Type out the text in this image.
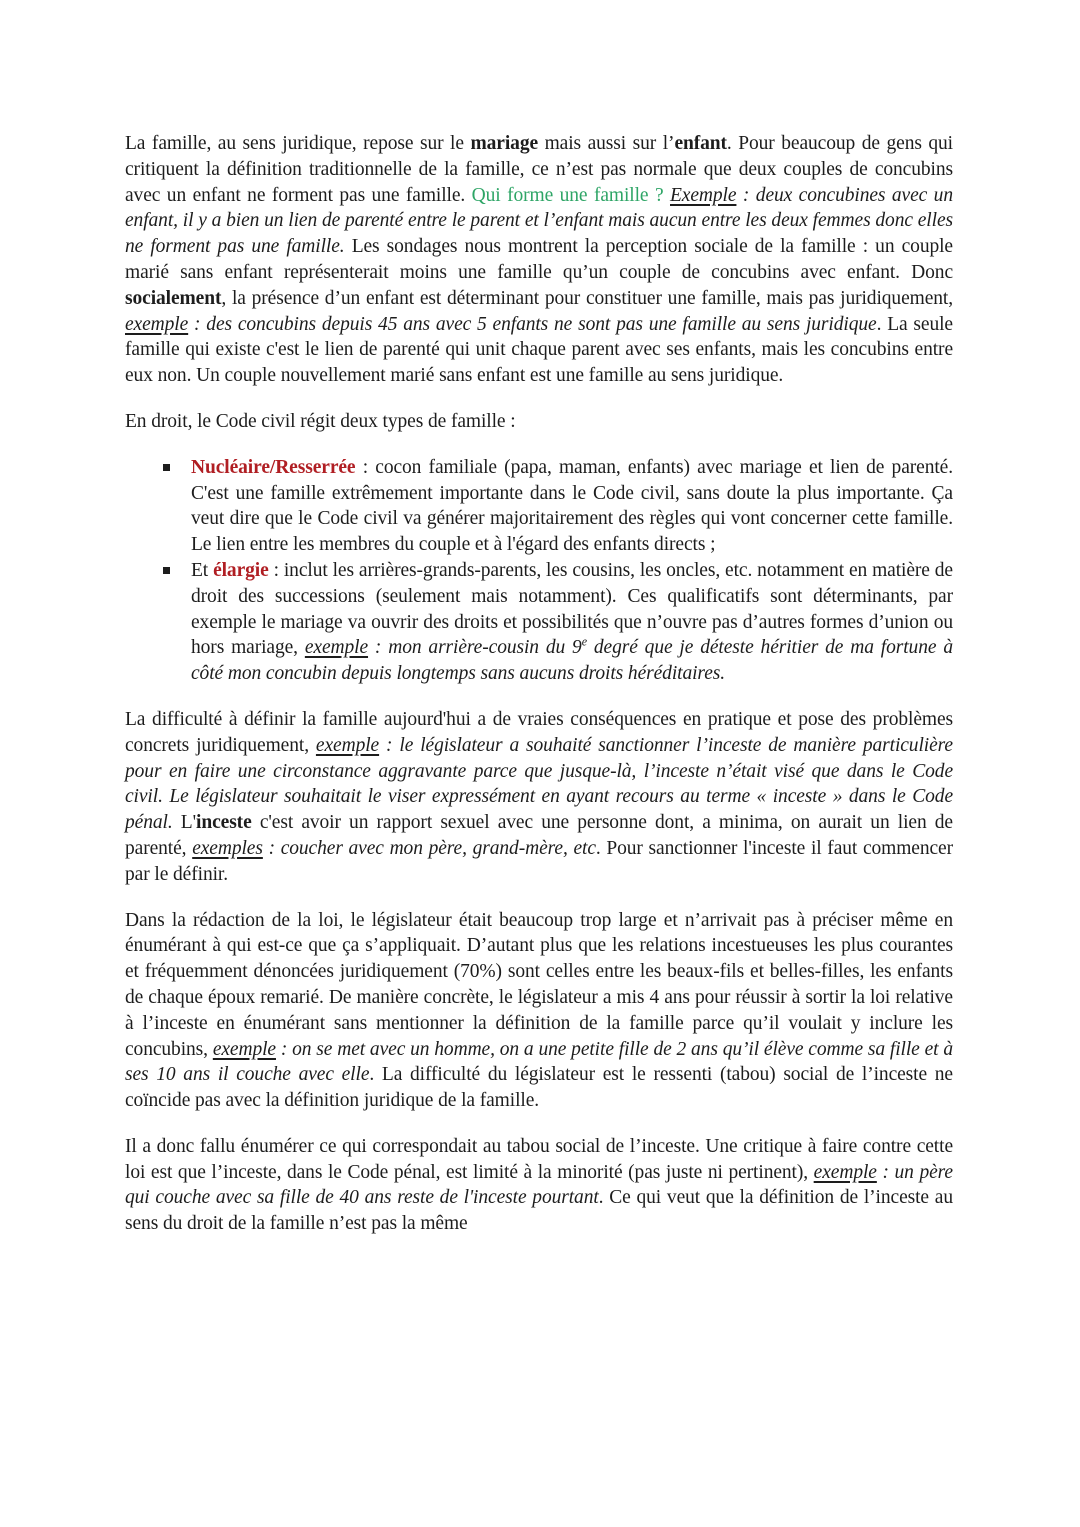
La famille, au sens juridique, repose sur le mariage mais aussi sur l’enfant. Pour beaucoup de gens qui critiquent la définition traditionnelle de la famille, ce n’est pas normale que deux couples de concubins avec un enfant ne forment pas une famille. Qui forme une famille ? Exemple : deux concubines avec un enfant, il y a bien un lien de parenté entre le parent et l’enfant mais aucun entre les deux femmes donc elles ne forment pas une famille. Les sondages nous montrent la perception sociale de la famille : un couple marié sans enfant représenterait moins une famille qu’un couple de concubins avec enfant. Donc socialement, la présence d’un enfant est déterminant pour constituer une famille, mais pas juridiquement, exemple : des concubins depuis 45 ans avec 5 enfants ne sont pas une famille au sens juridique. La seule famille qui existe c'est le lien de parenté qui unit chaque parent avec ses enfants, mais les concubins entre eux non. Un couple nouvellement marié sans enfant est une famille au sens juridique.

En droit, le Code civil régit deux types de famille :

Nucléaire/Resserrée : cocon familiale (papa, maman, enfants) avec mariage et lien de parenté. C'est une famille extrêmement importante dans le Code civil, sans doute la plus importante. Ça veut dire que le Code civil va générer majoritairement des règles qui vont concerner cette famille. Le lien entre les membres du couple et à l'égard des enfants directs ;
Et élargie : inclut les arrières-grands-parents, les cousins, les oncles, etc. notamment en matière de droit des successions (seulement mais notamment). Ces qualificatifs sont déterminants, par exemple le mariage va ouvrir des droits et possibilités que n’ouvre pas d’autres formes d’union ou hors mariage, exemple : mon arrière-cousin du 9e degré que je déteste héritier de ma fortune à côté mon concubin depuis longtemps sans aucuns droits héréditaires.

La difficulté à définir la famille aujourd'hui a de vraies conséquences en pratique et pose des problèmes concrets juridiquement, exemple : le législateur a souhaité sanctionner l’inceste de manière particulière pour en faire une circonstance aggravante parce que jusque-là, l’inceste n’était visé que dans le Code civil. Le législateur souhaitait le viser expressément en ayant recours au terme « inceste » dans le Code pénal. L'inceste c'est avoir un rapport sexuel avec une personne dont, a minima, on aurait un lien de parenté, exemples : coucher avec mon père, grand-mère, etc. Pour sanctionner l'inceste il faut commencer par le définir.

Dans la rédaction de la loi, le législateur était beaucoup trop large et n’arrivait pas à préciser même en énumérant à qui est-ce que ça s’appliquait. D’autant plus que les relations incestueuses les plus courantes et fréquemment dénoncées juridiquement (70%) sont celles entre les beaux-fils et belles-filles, les enfants de chaque époux remarié. De manière concrète, le législateur a mis 4 ans pour réussir à sortir la loi relative à l’inceste en énumérant sans mentionner la définition de la famille parce qu’il voulait y inclure les concubins, exemple : on se met avec un homme, on a une petite fille de 2 ans qu’il élève comme sa fille et à ses 10 ans il couche avec elle. La difficulté du législateur est le ressenti (tabou) social de l’inceste ne coïncide pas avec la définition juridique de la famille.

Il a donc fallu énumérer ce qui correspondait au tabou social de l’inceste. Une critique à faire contre cette loi est que l’inceste, dans le Code pénal, est limité à la minorité (pas juste ni pertinent), exemple : un père qui couche avec sa fille de 40 ans reste de l'inceste pourtant. Ce qui veut que la définition de l’inceste au sens du droit de la famille n’est pas la même
